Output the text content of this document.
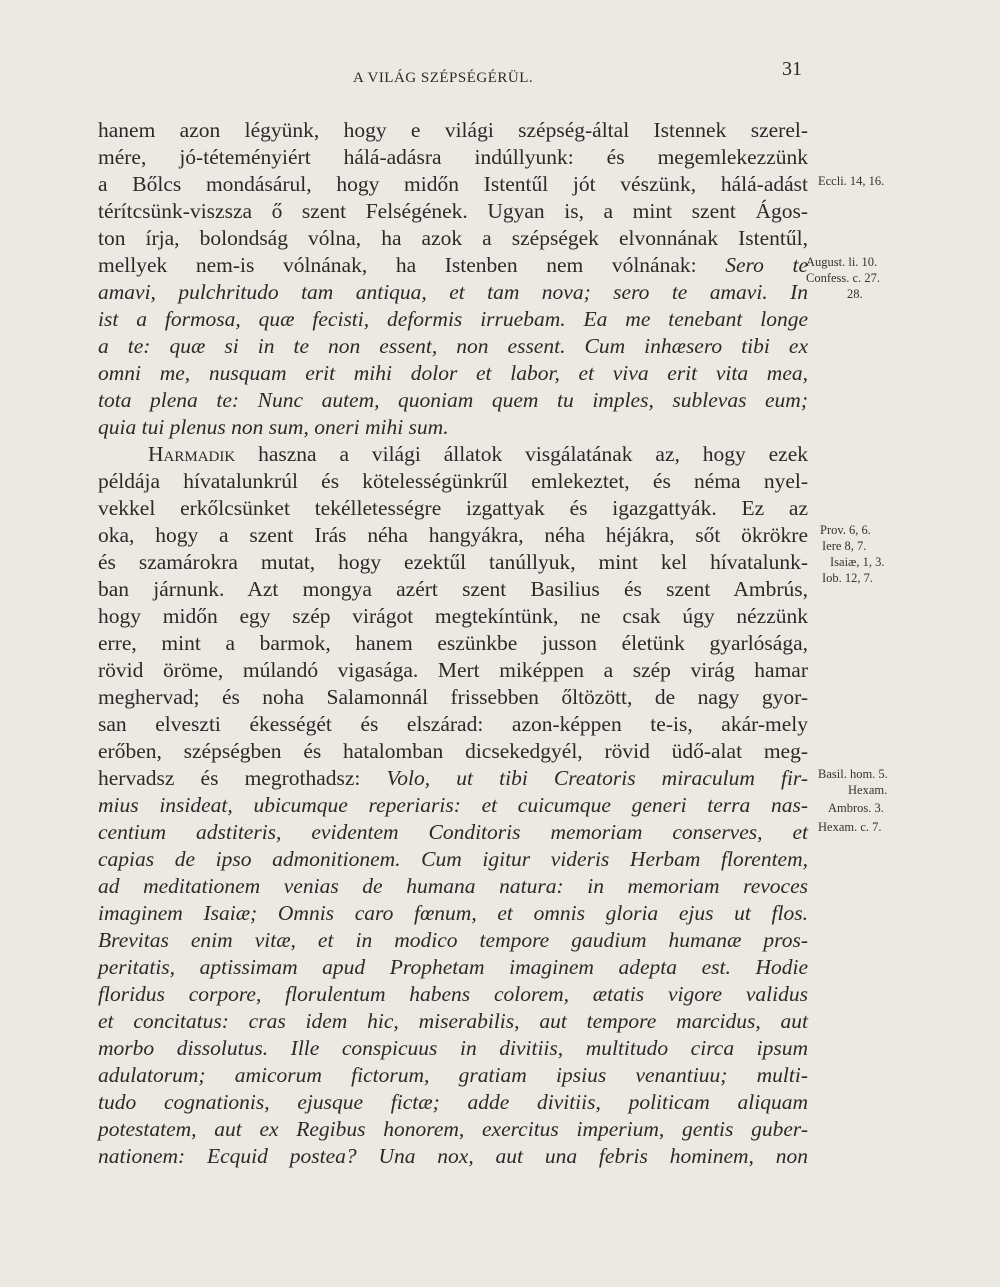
A VILÁG SZÉPSÉGÉRÜL.	31
hanem azon légyünk, hogy e világi szépség-által Istennek szerel-
mére, jó-téteményiért hálá-adásra indúllyunk: és megemlekezzünk
a Bőlcs mondásárul, hogy midőn Istentűl jót vészünk, hálá-adást
térítcsünk-viszsza ő szent Felségének. Ugyan is, a mint szent Ágos-
ton írja, bolondság vólna, ha azok a szépségek elvonnának Istentűl,
mellyek nem-is vólnának, ha Istenben nem vólnának: Sero te
amavi, pulchritudo tam antiqua, et tam nova; sero te amavi. In
ist a formosa, quæ fecisti, deformis irruebam. Ea me tenebant longe
a te: quæ si in te non essent, non essent. Cum inhæsero tibi ex
omni me, nusquam erit mihi dolor et labor, et viva erit vita mea,
tota plena te: Nunc autem, quoniam quem tu imples, sublevas eum;
quia tui plenus non sum, oneri mihi sum.
Harmadik haszna a világi állatok visgálatának az, hogy ezek
példája hívatalunkrúl és kötelességünkrűl emlekeztet, és néma nyel-
vekkel erkőlcsünket tekélletességre izgattyak és igazgattyák. Ez az
oka, hogy a szent Irás néha hangyákra, néha héjákra, sőt ökrökre
és szamárokra mutat, hogy ezektűl tanúllyuk, mint kel hívatalunk-
ban járnunk. Azt mongya azért szent Basilius és szent Ambrús,
hogy midőn egy szép virágot megtekíntünk, ne csak úgy nézzünk
erre, mint a barmok, hanem eszünkbe jusson életünk gyarlósága,
rövid öröme, múlandó vigasága. Mert miképpen a szép virág hamar
meghervad; és noha Salamonnál frissebben őltözött, de nagy gyor-
san elveszti ékességét és elszárad: azon-képpen te-is, akár-mely
erőben, szépségben és hatalomban dicsekedgyél, rövid üdő-alat meg-
hervadsz és megrothadsz: Volo, ut tibi Creatoris miraculum fir-
mius insideat, ubicumque reperiaris: et cuicumque generi terra nas-
centium adstiteris, evidentem Conditoris memoriam conserves, et
capias de ipso admonitionem. Cum igitur videris Herbam florentem,
ad meditationem venias de humana natura: in memoriam revoces
imaginem Isaiæ; Omnis caro fœnum, et omnis gloria ejus ut flos.
Brevitas enim vitæ, et in modico tempore gaudium humanæ pros-
peritatis, aptissimam apud Prophetam imaginem adepta est. Hodie
floridus corpore, florulentum habens colorem, ætatis vigore validus
et concitatus: cras idem hic, miserabilis, aut tempore marcidus, aut
morbo dissolutus. Ille conspicuus in divitiis, multitudo circa ipsum
adulatorum; amicorum fictorum, gratiam ipsius venantiuu; multi-
tudo cognationis, ejusque fictæ; adde divitiis, politicam aliquam
potestatem, aut ex Regibus honorem, exercitus imperium, gentis guber-
nationem: Ecquid postea? Una nox, aut una febris hominem, non
Eccli. 14, 16.
August. li. 10.
Confess. c. 27.
28.
Prov. 6, 6.
Iere 8, 7.
Isaiæ, 1, 3.
Iob. 12, 7.
Basil. hom. 5.
Hexam.
Ambros. 3.
Hexam. c. 7.
